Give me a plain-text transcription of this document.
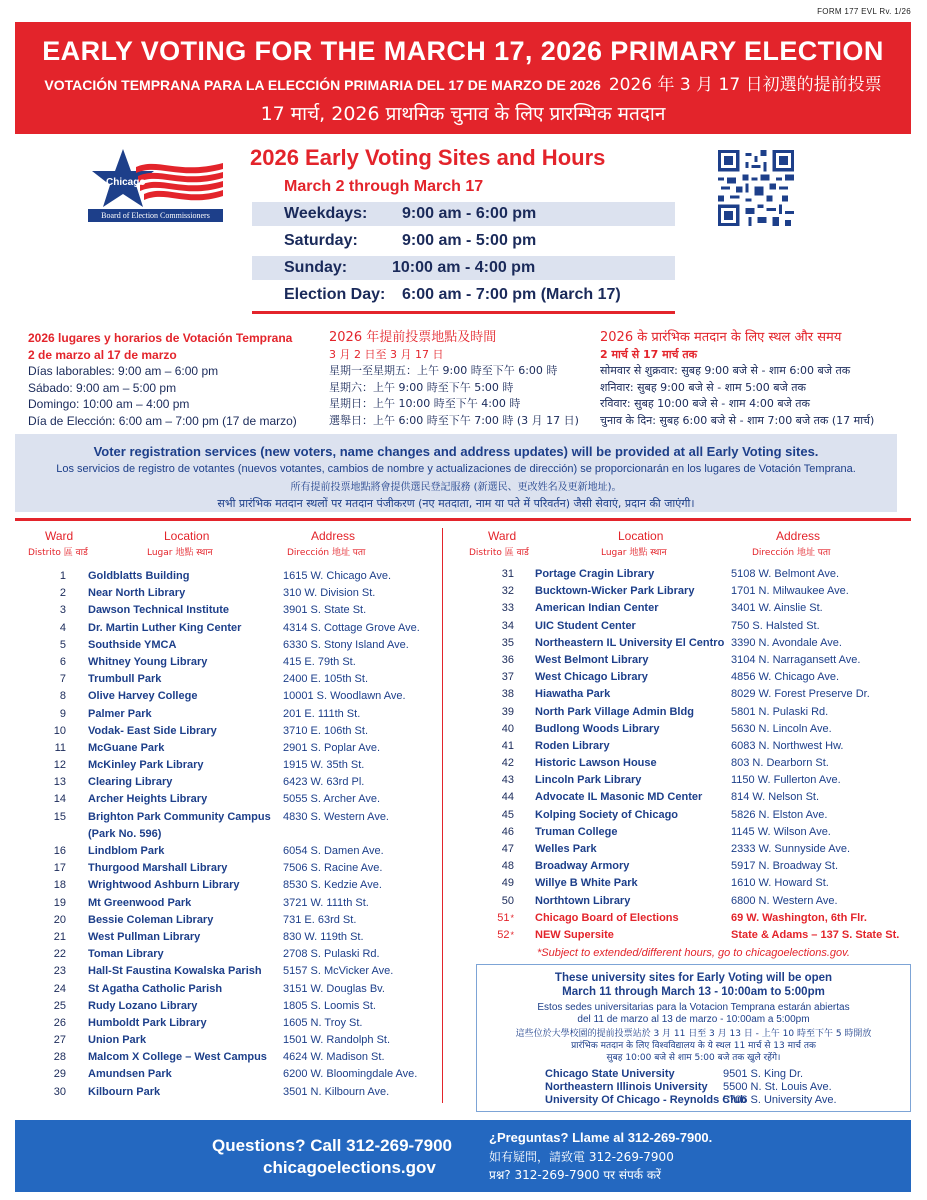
FORM 177 EVL Rv. 1/26
EARLY VOTING FOR THE MARCH 17, 2026 PRIMARY ELECTION
VOTACIÓN TEMPRANA PARA LA ELECCIÓN PRIMARIA DEL 17 DE MARZO DE 2026 2026 年 3 月 17 日初選的提前投票
17 मार्च, 2026 प्राथमिक चुनाव के लिए प्रारम्भिक मतदान
Chicago
Board of Election Commissioners
2026 Early Voting Sites and Hours
March 2 through March 17
Weekdays: 9:00 am - 6:00 pm
Saturday:	9:00 am - 5:00 pm
Sunday:	10:00 am - 4:00 pm
Election Day: 6:00 am - 7:00 pm (March 17)
2026 lugares y horarios de Votación Temprana
2 de marzo al 17 de marzo
Días laborables: 9:00 am – 6:00 pm
Sábado: 9:00 am – 5:00 pm
Domingo: 10:00 am – 4:00 pm
Día de Elección: 6:00 am – 7:00 pm (17 de marzo)
2026 年提前投票地點及時間
3 月 2 日至 3 月 17 日
星期一至星期五：上午 9:00 時至下午 6:00 時
星期六：上午 9:00 時至下午 5:00 時
星期日：上午 10:00 時至下午 4:00 時
選舉日：上午 6:00 時至下午 7:00 時 (3 月 17 日)
2026 के प्रारंभिक मतदान के लिए स्थल और समय
2 मार्च से 17 मार्च तक
सोमवार से शुक्रवार: सुबह 9:00 बजे से - शाम 6:00 बजे तक
शनिवार: सुबह 9:00 बजे से - शाम 5:00 बजे तक
रविवार: सुबह 10:00 बजे से - शाम 4:00 बजे तक
चुनाव के दिन: सुबह 6:00 बजे से - शाम 7:00 बजे तक (17 मार्च)
Voter registration services (new voters, name changes and address updates) will be provided at all Early Voting sites.
Los servicios de registro de votantes (nuevos votantes, cambios de nombre y actualizaciones de dirección) se proporcionarán en los lugares de Votación Temprana.
所有提前投票地點將會提供選民登記服務 (新選民、更改姓名及更新地址)。
सभी प्रारंभिक मतदान स्थलों पर मतदान पंजीकरण (नए मतदाता, नाम या पते में परिवर्तन) जैसी सेवाएं, प्रदान की जाएंगी।
Ward	Location	Address
Distrito 區 वार्ड	Lugar 地點 स्थान	Dirección 地址 पता
Ward	Location	Address
Distrito 區 वार्ड	Lugar 地點 स्थान	Dirección 地址 पता
1 Goldblatts Building	1615 W. Chicago Ave.
2 Near North Library	310 W. Division St.
3 Dawson Technical Institute	3901 S. State St.
4 Dr. Martin Luther King Center	4314 S. Cottage Grove Ave.
5 Southside YMCA	6330 S. Stony Island Ave.
6 Whitney Young Library	415 E. 79th St.
7 Trumbull Park	2400 E. 105th St.
8 Olive Harvey College	10001 S. Woodlawn Ave.
9 Palmer Park	201 E. 111th St.
10 Vodak- East Side Library	3710 E. 106th St.
11 McGuane Park	2901 S. Poplar Ave.
12 McKinley Park Library	1915 W. 35th St.
13 Clearing Library	6423 W. 63rd Pl.
14 Archer Heights Library	5055 S. Archer Ave.
15 Brighton Park Community Campus
(Park No. 596)
4830 S. Western Ave.
16 Lindblom Park	6054 S. Damen Ave.
17 Thurgood Marshall Library	7506 S. Racine Ave.
18 Wrightwood Ashburn Library	8530 S. Kedzie Ave.
19 Mt Greenwood Park	3721 W. 111th St.
20 Bessie Coleman Library	731 E. 63rd St.
21 West Pullman Library	830 W. 119th St.
22 Toman Library	2708 S. Pulaski Rd.
23 Hall-St Faustina Kowalska Parish 5157 S. McVicker Ave.
24 St Agatha Catholic Parish	3151 W. Douglas Bv.
25 Rudy Lozano Library	1805 S. Loomis St.
26 Humboldt Park Library	1605 N. Troy St.
27 Union Park	1501 W. Randolph St.
28 Malcom X College – West Campus 4624 W. Madison St.
29 Amundsen Park	6200 W. Bloomingdale Ave.
30 Kilbourn Park	3501 N. Kilbourn Ave.
31 Portage Cragin Library	5108 W. Belmont Ave.
32 Bucktown-Wicker Park Library	1701 N. Milwaukee Ave.
33 American Indian Center	3401 W. Ainslie St.
34 UIC Student Center	750 S. Halsted St.
35 Northeastern IL University El Centro 3390 N. Avondale Ave.
36 West Belmont Library	3104 N. Narragansett Ave.
37 West Chicago Library	4856 W. Chicago Ave.
38 Hiawatha Park	8029 W. Forest Preserve Dr.
39 North Park Village Admin Bldg	5801 N. Pulaski Rd.
40 Budlong Woods Library	5630 N. Lincoln Ave.
41 Roden Library	6083 N. Northwest Hw.
42 Historic Lawson House	803 N. Dearborn St.
43 Lincoln Park Library	1150 W. Fullerton Ave.
44 Advocate IL Masonic MD Center	814 W. Nelson St.
45 Kolping Society of Chicago	5826 N. Elston Ave.
46 Truman College	1145 W. Wilson Ave.
47 Welles Park	2333 W. Sunnyside Ave.
48 Broadway Armory	5917 N. Broadway St.
49 Willye B White Park	1610 W. Howard St.
50 Northtown Library	6800 N. Western Ave.
51* Chicago Board of Elections	69 W. Washington, 6th Flr.
52* NEW Supersite	State & Adams – 137 S. State St.
*Subject to extended/different hours, go to chicagoelections.gov.
These university sites for Early Voting will be open
March 11 through March 13 - 10:00am to 5:00pm
Estos sedes universitarias para la Votacion Temprana estarán abiertas
del 11 de marzo al 13 de marzo - 10:00am a 5:00pm
這些位於大學校園的提前投票站於 3 月 11 日至 3 月 13 日 - 上午 10 時至下午 5 時開放
प्रारंभिक मतदान के लिए विश्वविद्यालय के ये स्थल 11 मार्च से 13 मार्च तक
सुबह 10:00 बजे से शाम 5:00 बजे तक खुले रहेंगे।
Chicago State University	9501 S. King Dr.
Northeastern Illinois University 5500 N. St. Louis Ave.
University Of Chicago - Reynolds Club
5706 S. University Ave.
Questions? Call 312-269-7900
chicagoelections.gov
¿Preguntas? Llame al 312-269-7900.
如有疑問，請致電 312-269-7900
प्रश्न? 312-269-7900 पर संपर्क करें
